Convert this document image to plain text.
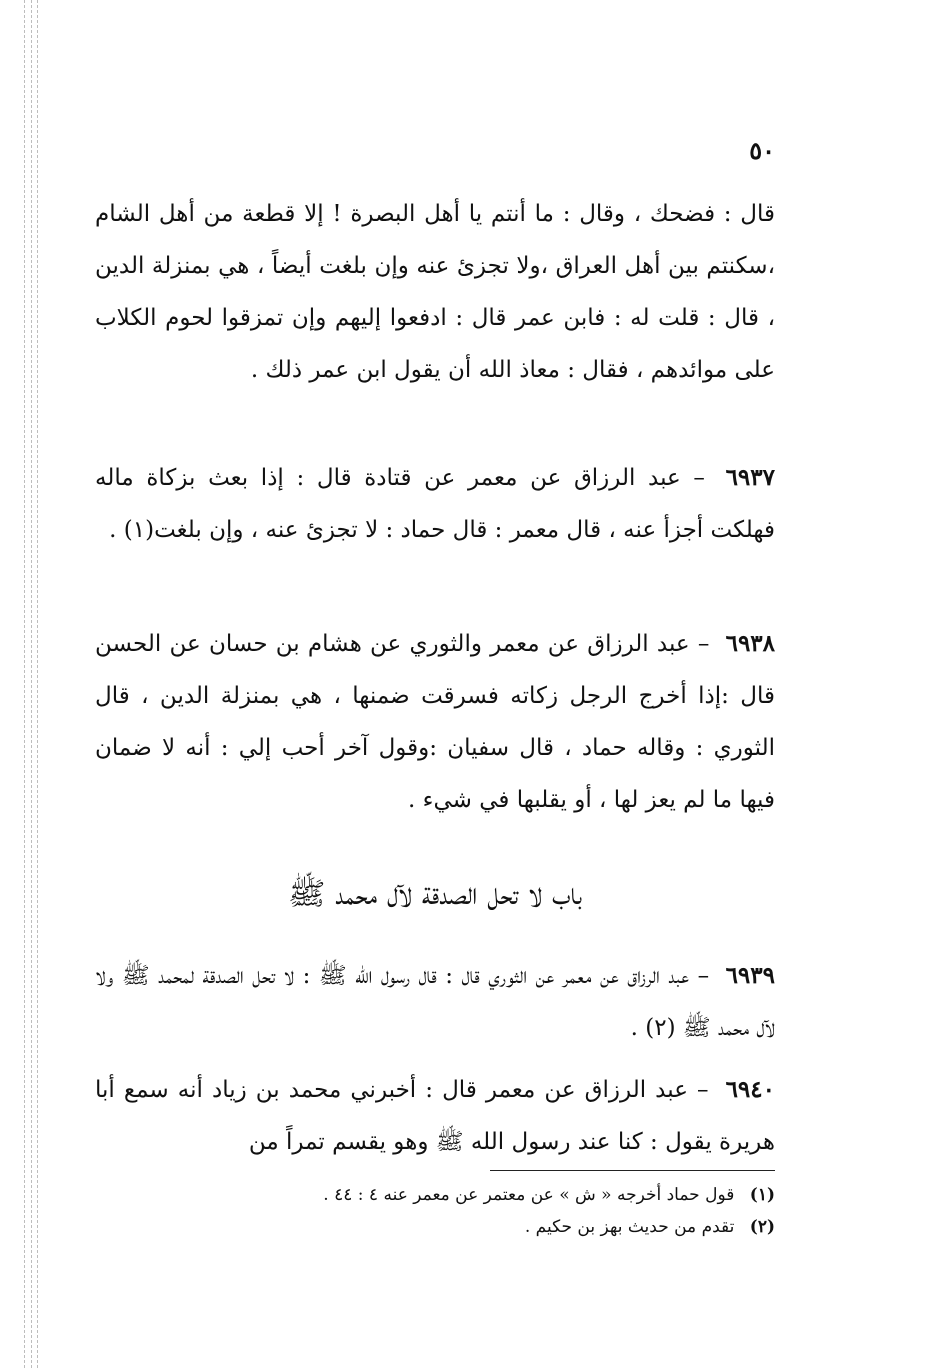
٥٠

قال : فضحك ، وقال : ما أنتم يا أهل البصرة ! إلا قطعة من أهل الشام ،سكنتم بين أهل العراق ،ولا تجزئ عنه وإن بلغت أيضاً ، هي بمنزلة الدين ، قال : قلت له : فابن عمر قال : ادفعوا إليهم وإن تمزقوا لحوم الكلاب على موائدهم ، فقال : معاذ الله أن يقول ابن عمر ذلك .

٦٩٣٧ – عبد الرزاق عن معمر عن قتادة قال : إذا بعث بزكاة ماله فهلكت أجزأ عنه ، قال معمر : قال حماد : لا تجزئ عنه ، وإن بلغت(١) .

٦٩٣٨ – عبد الرزاق عن معمر والثوري عن هشام بن حسان عن الحسن قال :إذا أخرج الرجل زكاته فسرقت ضمنها ، هي بمنزلة الدين ، قال الثوري : وقاله حماد ، قال سفيان :وقول آخر أحب إلي : أنه لا ضمان فيها ما لم يعز لها ، أو يقلبها في شيء .

باب لا تحل الصدقة لآل محمد ﷺ

٦٩٣٩ – عبد الرزاق عن معمر عن الثوري قال : قال رسول الله ﷺ : لا تحل الصدقة لمحمد ﷺ ولا لآل محمد ﷺ (٢) .

٦٩٤٠ – عبد الرزاق عن معمر قال : أخبرني محمد بن زياد أنه سمع أبا هريرة يقول : كنا عند رسول الله ﷺ وهو يقسم تمراً من

(١) قول حماد أخرجه « ش » عن معتمر عن معمر عنه ٤ : ٤٤ .
(٢) تقدم من حديث بهز بن حكيم .
